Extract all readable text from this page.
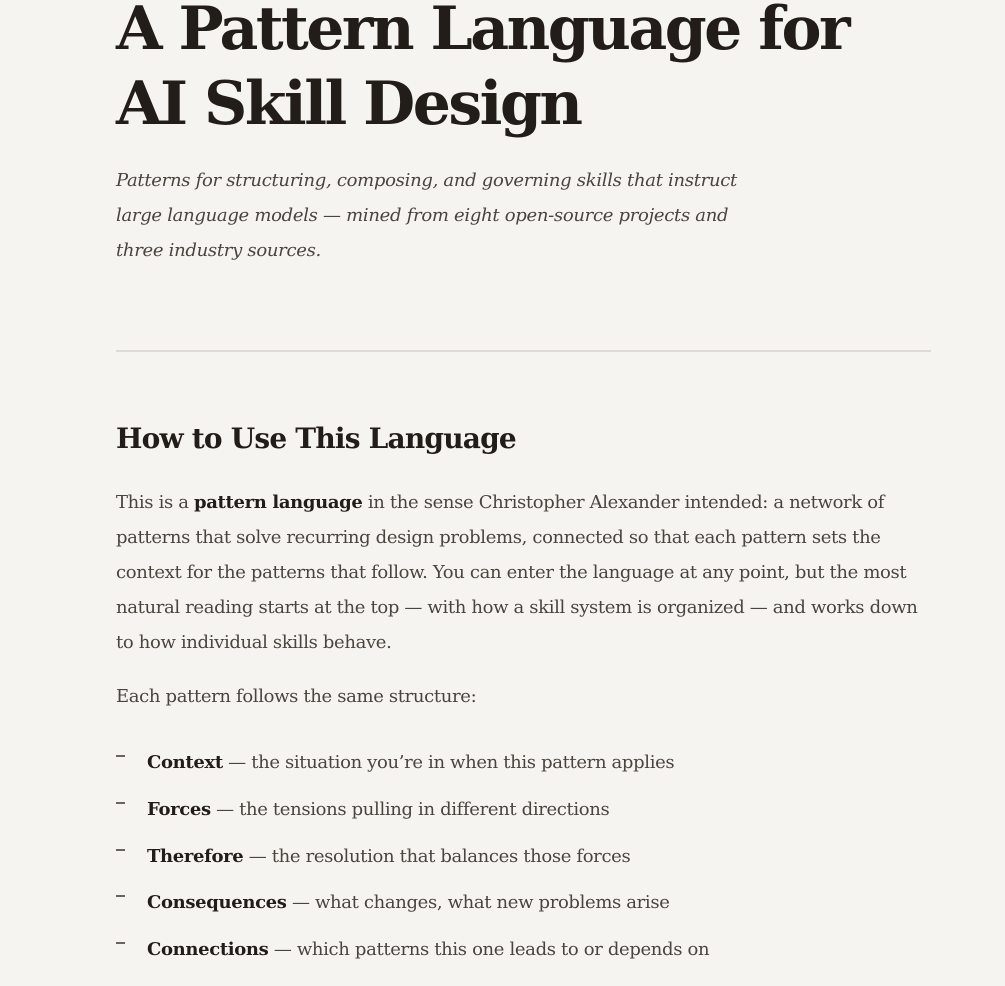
A Pattern Language for AI Skill Design

Patterns for structuring, composing, and governing skills that instruct large language models — mined from eight open-source projects and three industry sources.

How to Use This Language

This is a pattern language in the sense Christopher Alexander intended: a network of patterns that solve recurring design problems, connected so that each pattern sets the context for the patterns that follow. You can enter the language at any point, but the most natural reading starts at the top — with how a skill system is organized — and works down to how individual skills behave.

Each pattern follows the same structure:

Context — the situation you’re in when this pattern applies
Forces — the tensions pulling in different directions
Therefore — the resolution that balances those forces
Consequences — what changes, what new problems arise
Connections — which patterns this one leads to or depends on
